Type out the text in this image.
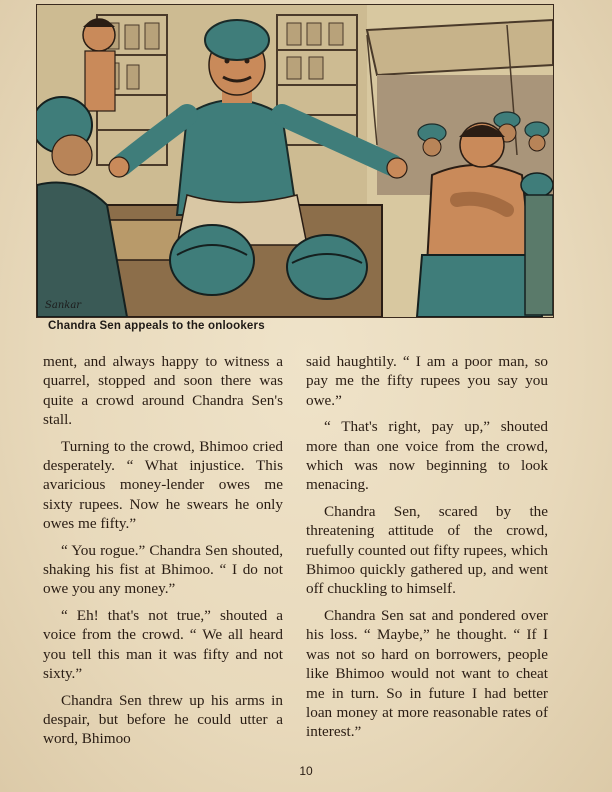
Sankar
Chandra Sen appeals to the onlookers

ment, and always happy to witness a quarrel, stopped and soon there was quite a crowd around Chandra Sen's stall.

Turning to the crowd, Bhimoo cried desperately. “ What injustice. This avaricious money-lender owes me sixty rupees. Now he swears he only owes me fifty.”

“ You rogue.” Chandra Sen shouted, shaking his fist at Bhimoo. “ I do not owe you any money.”

“ Eh! that's not true,” shouted a voice from the crowd. “ We all heard you tell this man it was fifty and not sixty.”

Chandra Sen threw up his arms in despair, but before he could utter a word, Bhimoo

said haughtily. “ I am a poor man, so pay me the fifty rupees you say you owe.”

“ That's right, pay up,” shouted more than one voice from the crowd, which was now beginning to look menacing.

Chandra Sen, scared by the threatening attitude of the crowd, ruefully counted out fifty rupees, which Bhimoo quickly gathered up, and went off chuckling to himself.

Chandra Sen sat and pondered over his loss. “ Maybe,” he thought. “ If I was not so hard on borrowers, people like Bhimoo would not want to cheat me in turn. So in future I had better loan money at more reasonable rates of interest.”

10
